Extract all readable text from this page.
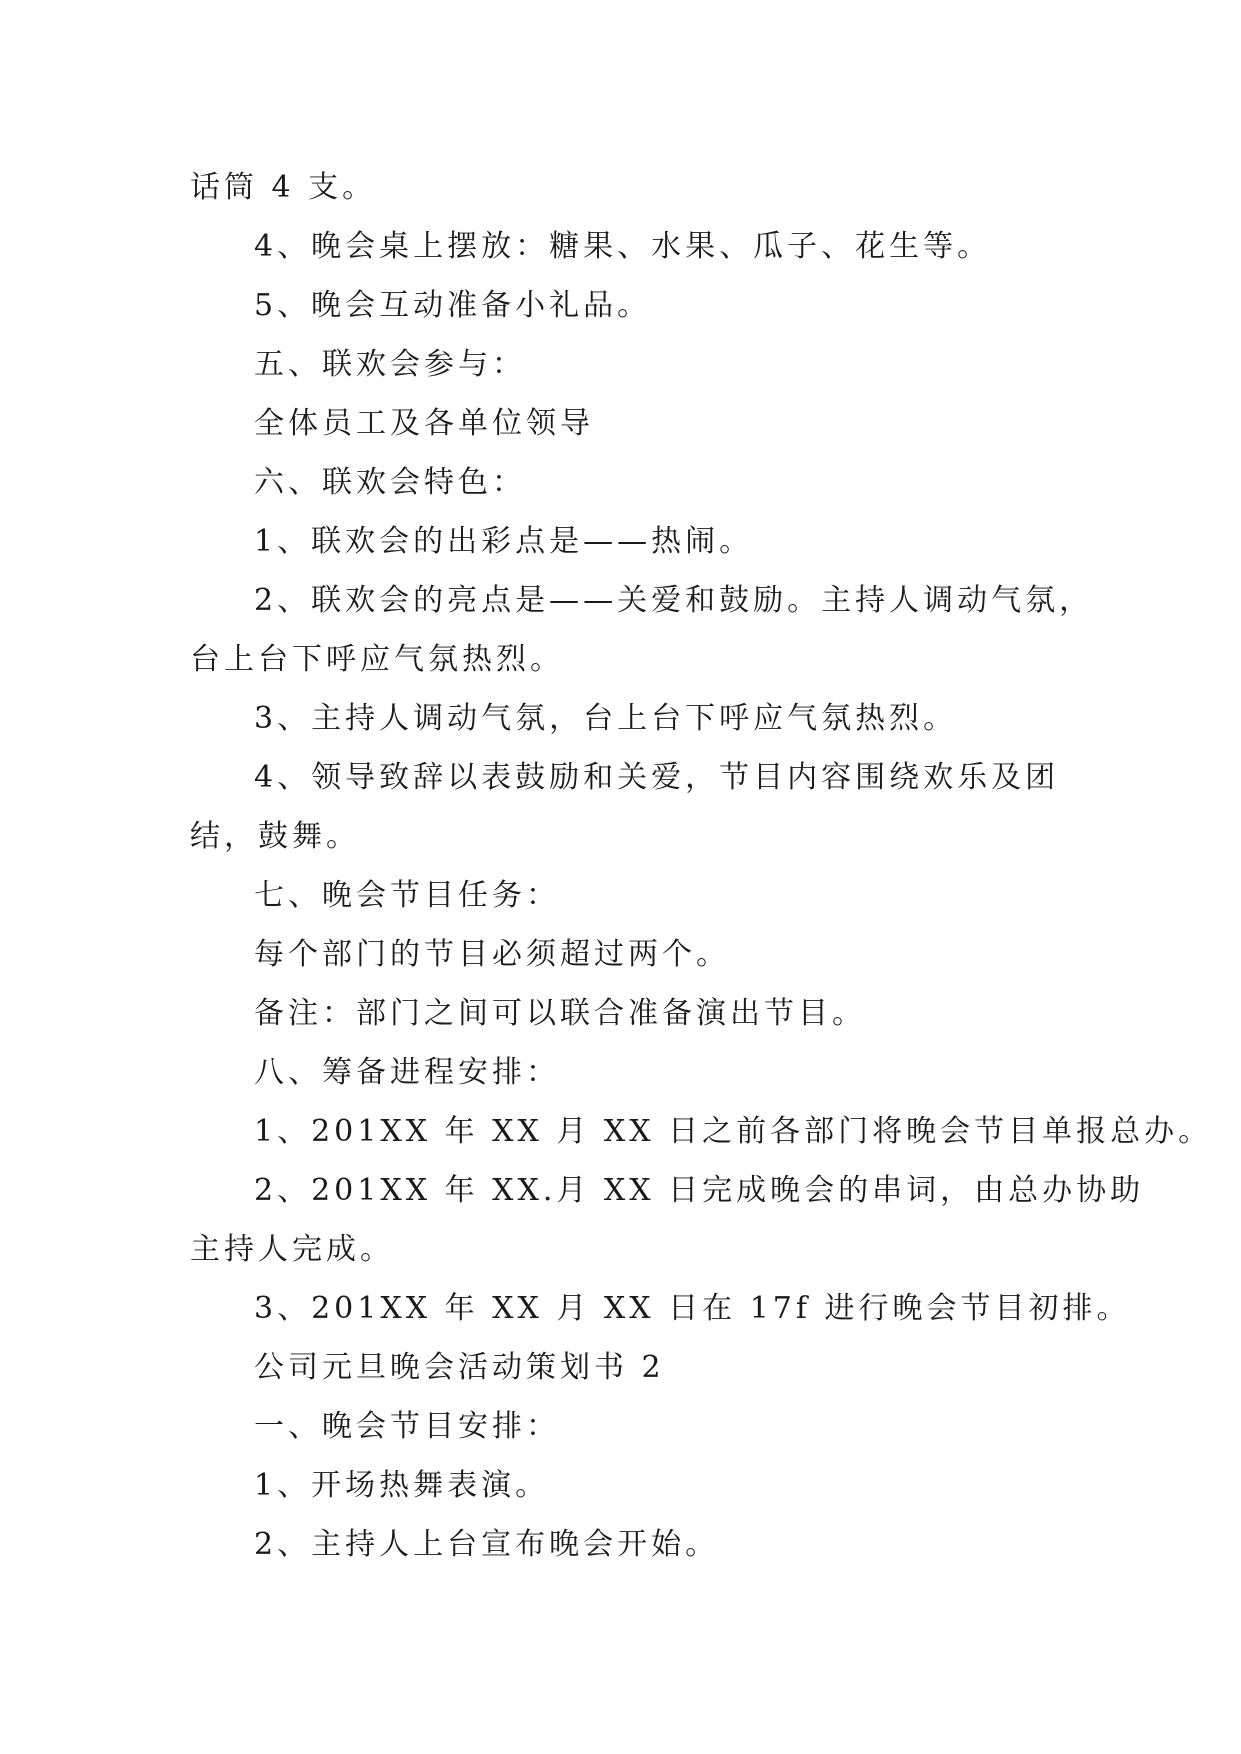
话筒 4 支。

4、晚会桌上摆放：糖果、水果、瓜子、花生等。

5、晚会互动准备小礼品。

五、联欢会参与：

全体员工及各单位领导

六、联欢会特色：

1、联欢会的出彩点是——热闹。

2、联欢会的亮点是——关爱和鼓励。主持人调动气氛，

台上台下呼应气氛热烈。

3、主持人调动气氛，台上台下呼应气氛热烈。

4、领导致辞以表鼓励和关爱，节目内容围绕欢乐及团

结，鼓舞。

七、晚会节目任务：

每个部门的节目必须超过两个。

备注：部门之间可以联合准备演出节目。

八、筹备进程安排：

1、201XX 年 XX 月 XX 日之前各部门将晚会节目单报总办。

2、201XX 年 XX.月 XX 日完成晚会的串词，由总办协助

主持人完成。

3、201XX 年 XX 月 XX 日在 17f 进行晚会节目初排。

公司元旦晚会活动策划书 2

一、晚会节目安排：

1、开场热舞表演。

2、主持人上台宣布晚会开始。
